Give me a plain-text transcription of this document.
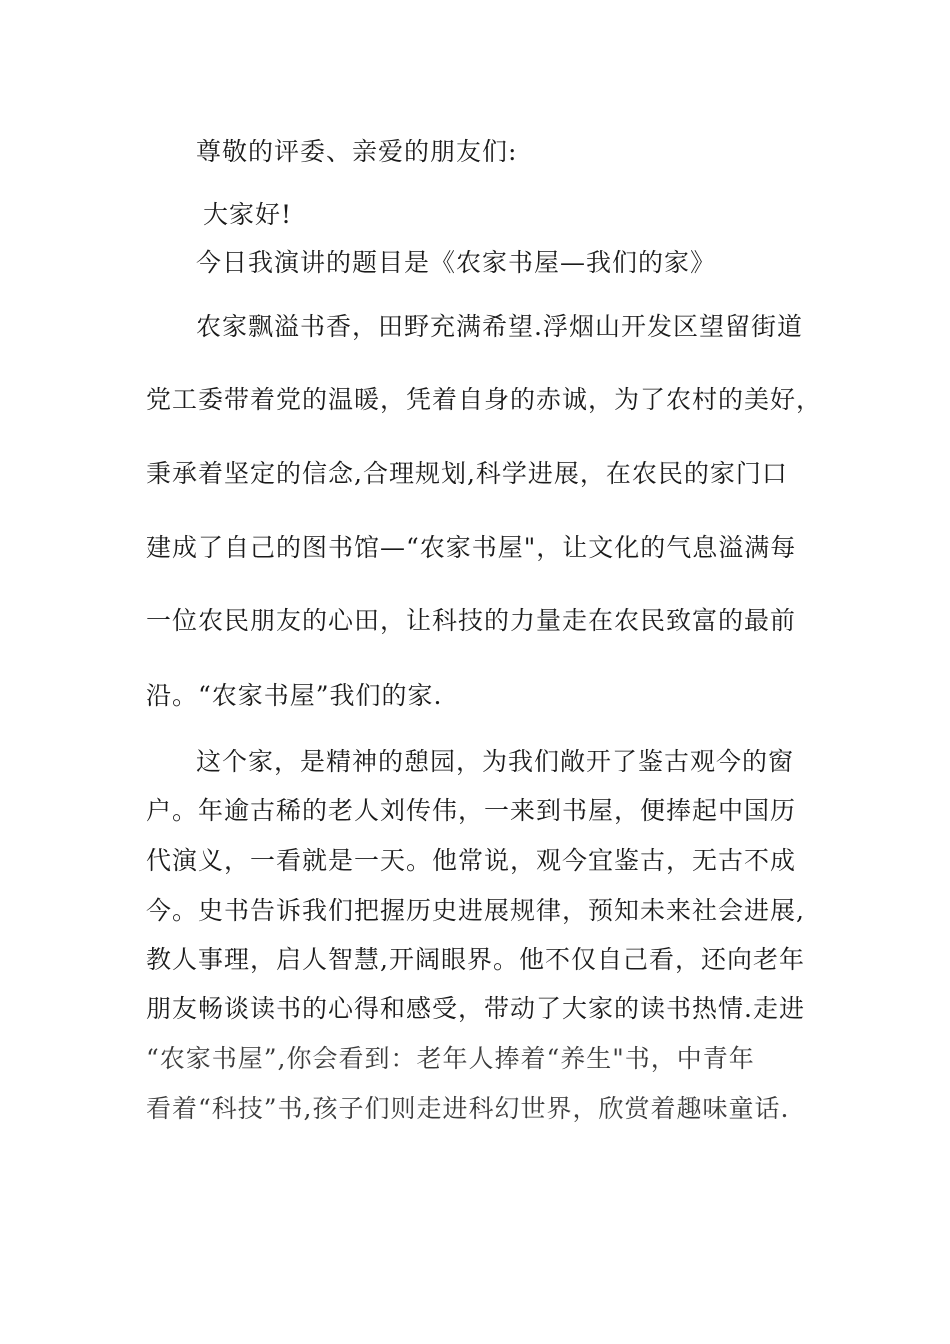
尊敬的评委、亲爱的朋友们:
大家好!
今日我演讲的题目是《农家书屋—我们的家》
农家飘溢书香，田野充满希望.浮烟山开发区望留街道
党工委带着党的温暖，凭着自身的赤诚，为了农村的美好，
秉承着坚定的信念,合理规划,科学进展，在农民的家门口
建成了自己的图书馆—“农家书屋"，让文化的气息溢满每
一位农民朋友的心田，让科技的力量走在农民致富的最前
沿。“农家书屋”我们的家.
这个家，是精神的憩园，为我们敞开了鉴古观今的窗
户。年逾古稀的老人刘传伟，一来到书屋，便捧起中国历
代演义，一看就是一天。他常说，观今宜鉴古，无古不成
今。史书告诉我们把握历史进展规律，预知未来社会进展,
教人事理，启人智慧,开阔眼界。他不仅自己看，还向老年
朋友畅谈读书的心得和感受，带动了大家的读书热情.走进
“农家书屋”,你会看到：老年人捧着“养生"书，中青年
看着“科技”书,孩子们则走进科幻世界，欣赏着趣味童话.
